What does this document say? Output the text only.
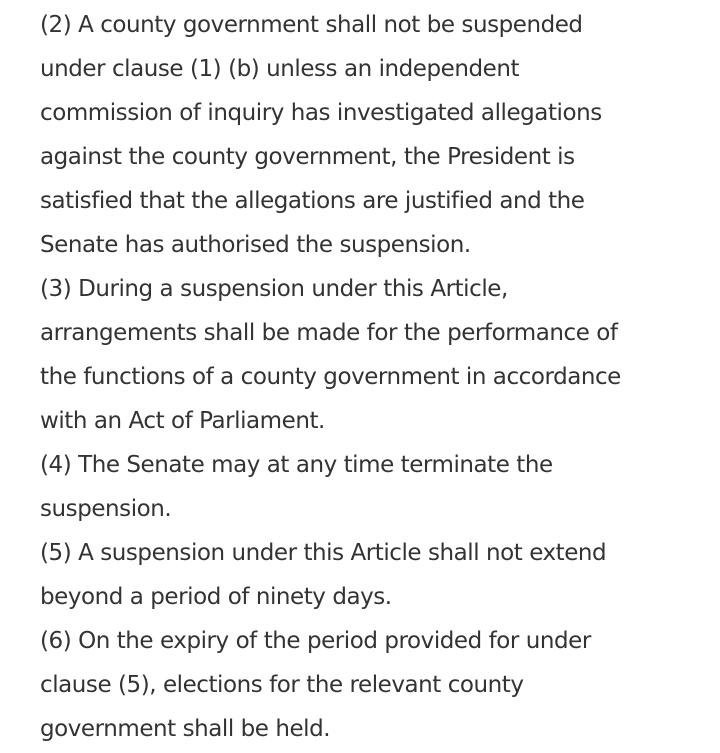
(2) A county government shall not be suspended
under clause (1) (b) unless an independent
commission of inquiry has investigated allegations
against the county government, the President is
satisfied that the allegations are justified and the
Senate has authorised the suspension.
(3) During a suspension under this Article,
arrangements shall be made for the performance of
the functions of a county government in accordance
with an Act of Parliament.
(4) The Senate may at any time terminate the
suspension.
(5) A suspension under this Article shall not extend
beyond a period of ninety days.
(6) On the expiry of the period provided for under
clause (5), elections for the relevant county
government shall be held.
